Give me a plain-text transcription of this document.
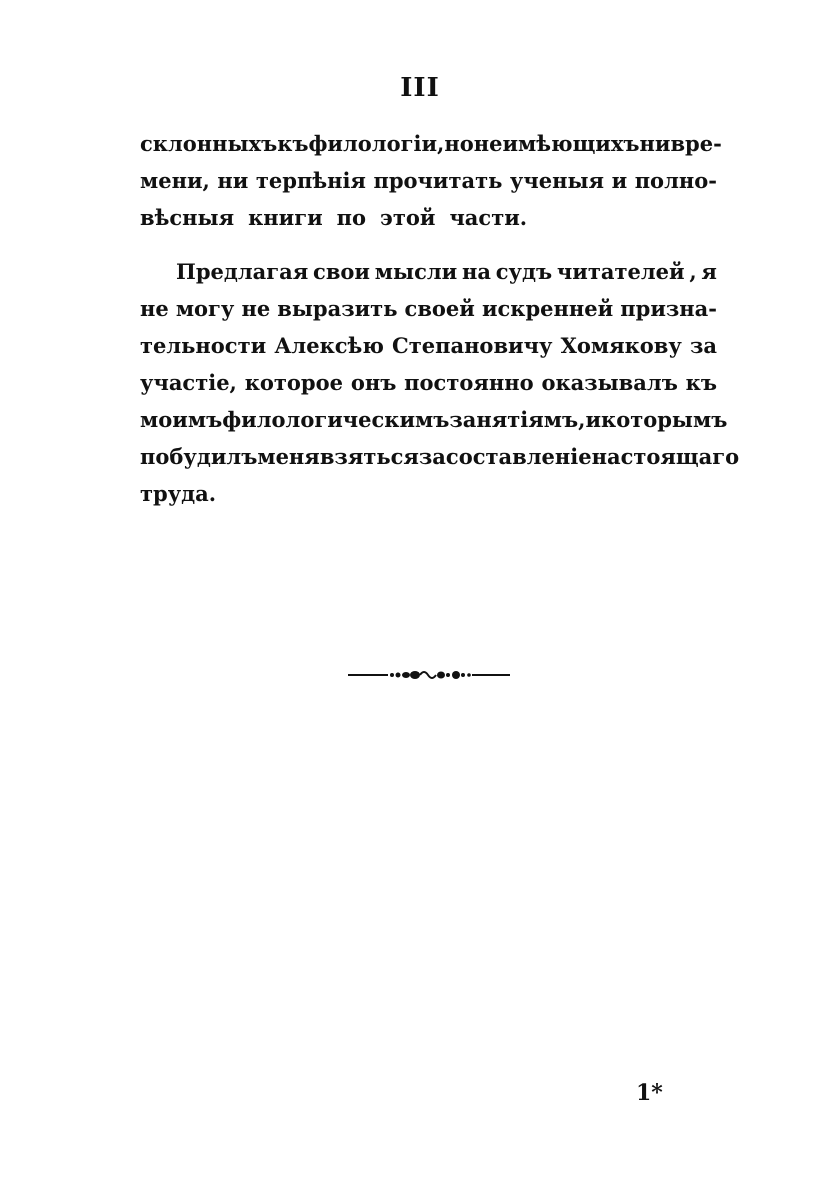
III
склонныхъ къ филологіи, но не имѣющихъ ни вре-
мени, ни терпѣнія прочитать ученыя и полно-
вѣсныя книги по этой части.
Предлагая свои мысли на судъ читателей , я
не могу не выразить своей искренней призна-
тельности Алексѣю Степановичу Хомякову за
участіе, которое онъ постоянно оказывалъ къ
моимъ филологическимъ занятіямъ, и которымъ
побудилъ меня взяться за составленіе настоящаго
труда.
1*
